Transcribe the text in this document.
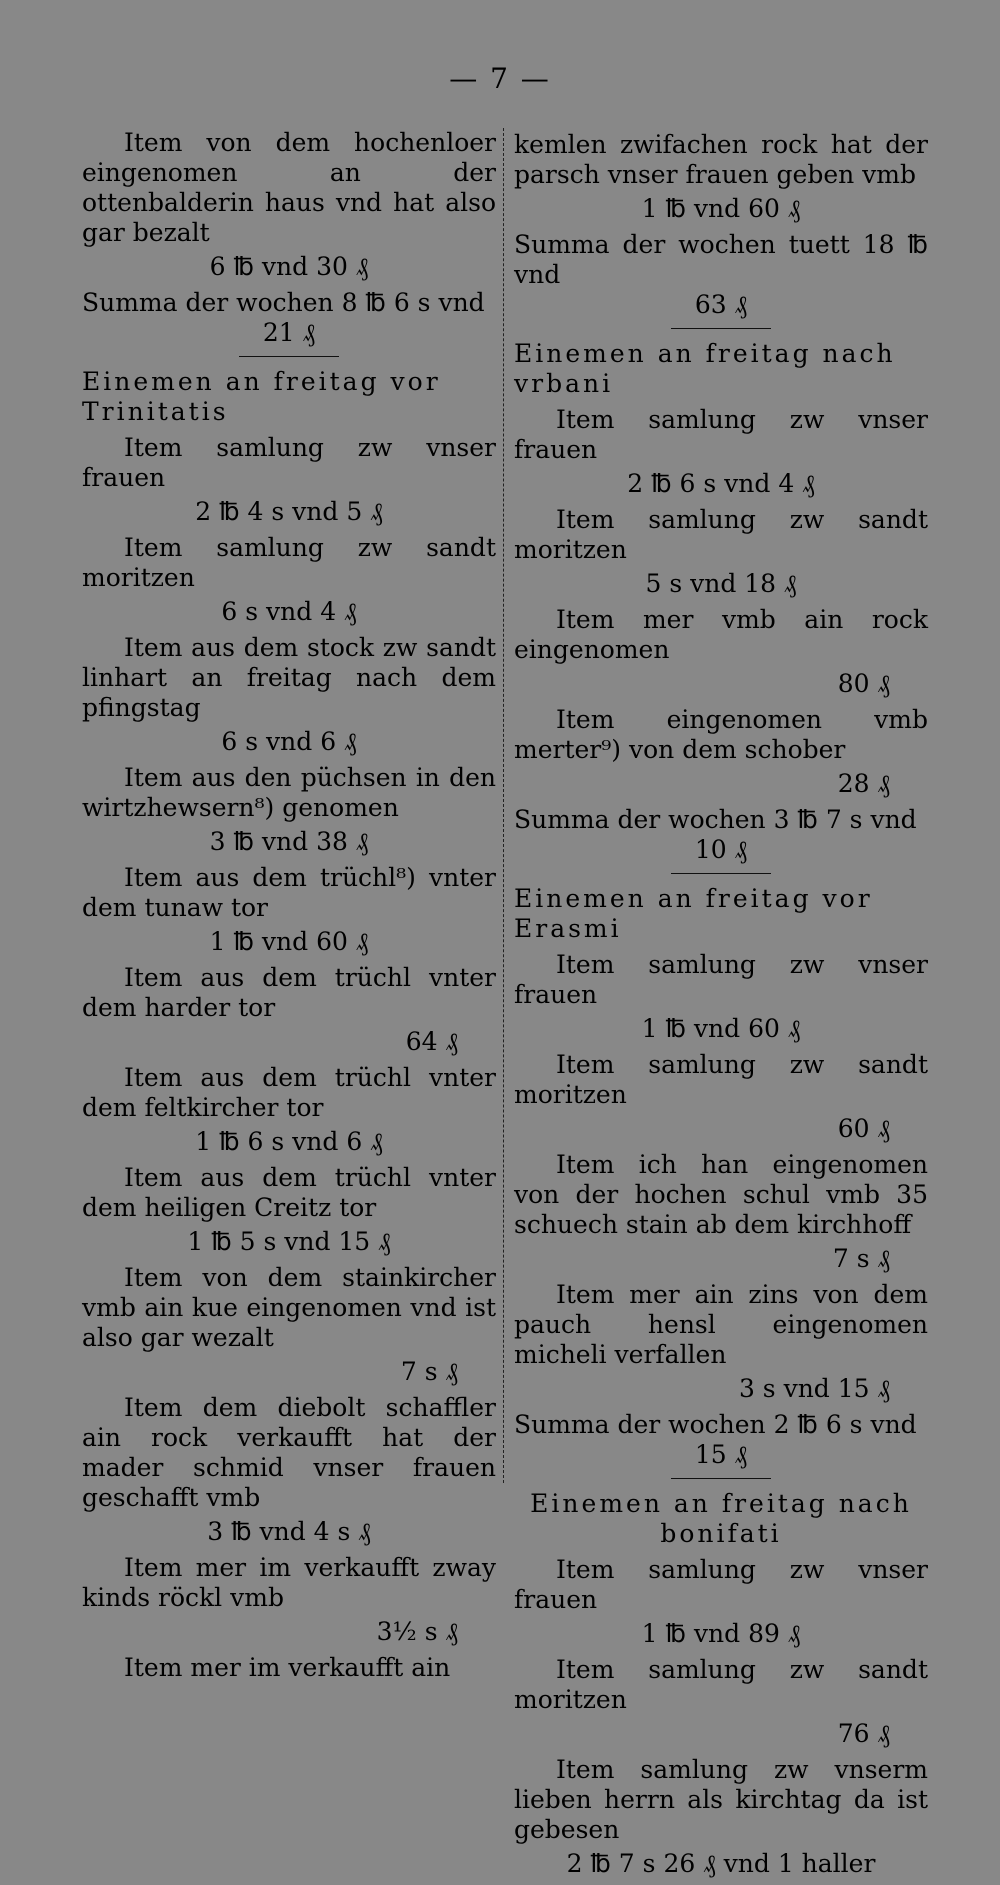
— 7 —
Item von dem hochenloer eingenomen an der ottenbalderin haus vnd hat also gar bezalt
6 ℔ vnd 30 ₰
Summa der wochen 8 ℔ 6 s vnd
21 ₰
Einemen an freitag vor Trinitatis
Item samlung zw vnser frauen
2 ℔ 4 s vnd 5 ₰
Item samlung zw sandt moritzen
6 s vnd 4 ₰
Item aus dem stock zw sandt linhart an freitag nach dem pfingstag
6 s vnd 6 ₰
Item aus den püchsen in den wirtzhewsern⁸) genomen
3 ℔ vnd 38 ₰
Item aus dem trüchl⁸) vnter dem tunaw tor
1 ℔ vnd 60 ₰
Item aus dem trüchl vnter dem harder tor
64 ₰
Item aus dem trüchl vnter dem feltkircher tor
1 ℔ 6 s vnd 6 ₰
Item aus dem trüchl vnter dem heiligen Creitz tor
1 ℔ 5 s vnd 15 ₰
Item von dem stainkircher vmb ain kue eingenomen vnd ist also gar wezalt
7 s ₰
Item dem diebolt schaffler ain rock verkaufft hat der mader schmid vnser frauen geschafft vmb
3 ℔ vnd 4 s ₰
Item mer im verkaufft zway kinds röckl vmb
3½ s ₰
Item mer im verkaufft ain
kemlen zwifachen rock hat der parsch vnser frauen geben vmb
1 ℔ vnd 60 ₰
Summa der wochen tuett 18 ℔ vnd
63 ₰
Einemen an freitag nach vrbani
Item samlung zw vnser frauen
2 ℔ 6 s vnd 4 ₰
Item samlung zw sandt moritzen
5 s vnd 18 ₰
Item mer vmb ain rock eingenomen
80 ₰
Item eingenomen vmb merter⁹) von dem schober
28 ₰
Summa der wochen 3 ℔ 7 s vnd
10 ₰
Einemen an freitag vor Erasmi
Item samlung zw vnser frauen
1 ℔ vnd 60 ₰
Item samlung zw sandt moritzen
60 ₰
Item ich han eingenomen von der hochen schul vmb 35 schuech stain ab dem kirchhoff
7 s ₰
Item mer ain zins von dem pauch hensl eingenomen micheli verfallen
3 s vnd 15 ₰
Summa der wochen 2 ℔ 6 s vnd
15 ₰
Einemen an freitag nach bonifati
Item samlung zw vnser frauen
1 ℔ vnd 89 ₰
Item samlung zw sandt moritzen
76 ₰
Item samlung zw vnserm lieben herrn als kirchtag da ist gebesen
2 ℔ 7 s 26 ₰ vnd 1 haller
